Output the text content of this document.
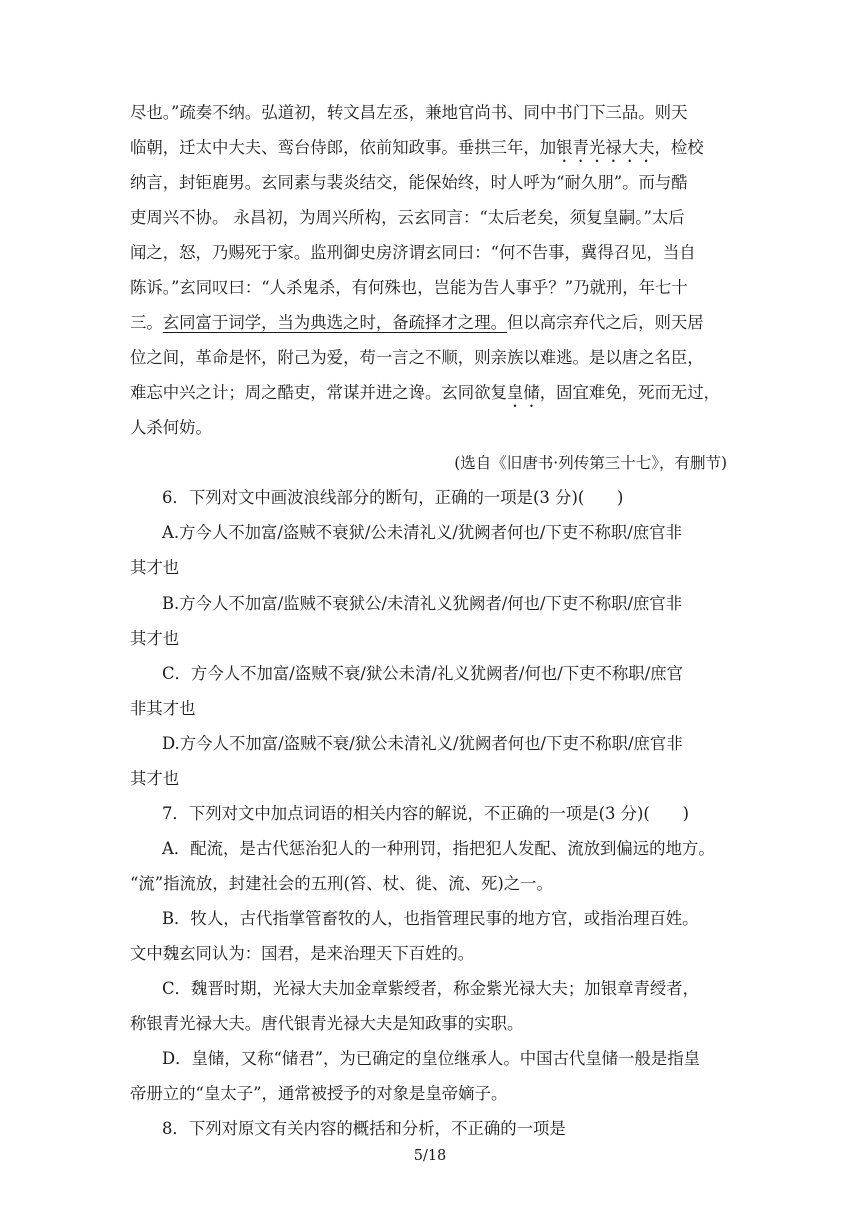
尽也。”疏奏不纳。弘道初，转文昌左丞，兼地官尚书、同中书门下三品。则天
临朝，迁太中大夫、鸾台侍郎，依前知政事。垂拱三年，加银青光禄大夫，检校
纳言，封钜鹿男。玄同素与裴炎结交，能保始终，时人呼为“耐久朋”。而与酷
吏周兴不协。 永昌初，为周兴所构，云玄同言：“太后老矣，须复皇嗣。”太后
闻之，怒，乃赐死于家。监刑御史房济谓玄同曰：“何不告事，冀得召见，当自
陈诉。”玄同叹曰：“人杀鬼杀，有何殊也，岂能为告人事乎？”乃就刑，年七十
三。玄同富于词学，当为典选之时，备疏择才之理。但以高宗弃代之后，则天居
位之间，革命是怀，附己为爱，苟一言之不顺，则亲族以难逃。是以唐之名臣，
难忘中兴之计；周之酷吏，常谋并进之谗。玄同欲复皇储，固宜难免，死而无过，
人杀何妨。
(选自《旧唐书·列传第三十七》，有删节)
6．下列对文中画波浪线部分的断句，正确的一项是(3 分)(　　)
A.方今人不加富/盗贼不衰狱/公未清礼义/犹阙者何也/下吏不称职/庶官非
其才也
B.方今人不加富/监贼不衰狱公/未清礼义犹阙者/何也/下吏不称职/庶官非
其才也
C．方今人不加富/盗贼不衰/狱公未清/礼义犹阙者/何也/下吏不称职/庶官
非其才也
D.方今人不加富/盗贼不衰/狱公未清礼义/犹阙者何也/下吏不称职/庶官非
其才也
7．下列对文中加点词语的相关内容的解说，不正确的一项是(3 分)(　　)
A．配流，是古代惩治犯人的一种刑罚，指把犯人发配、流放到偏远的地方。
“流”指流放，封建社会的五刑(笞、杖、徙、流、死)之一。
B．牧人，古代指掌管畜牧的人，也指管理民事的地方官，或指治理百姓。
文中魏玄同认为：国君，是来治理天下百姓的。
C．魏晋时期，光禄大夫加金章紫绶者，称金紫光禄大夫；加银章青绶者，
称银青光禄大夫。唐代银青光禄大夫是知政事的实职。
D．皇储，又称“储君”，为已确定的皇位继承人。中国古代皇储一般是指皇
帝册立的“皇太子”，通常被授予的对象是皇帝嫡子。
8．下列对原文有关内容的概括和分析，不正确的一项是
5/18
